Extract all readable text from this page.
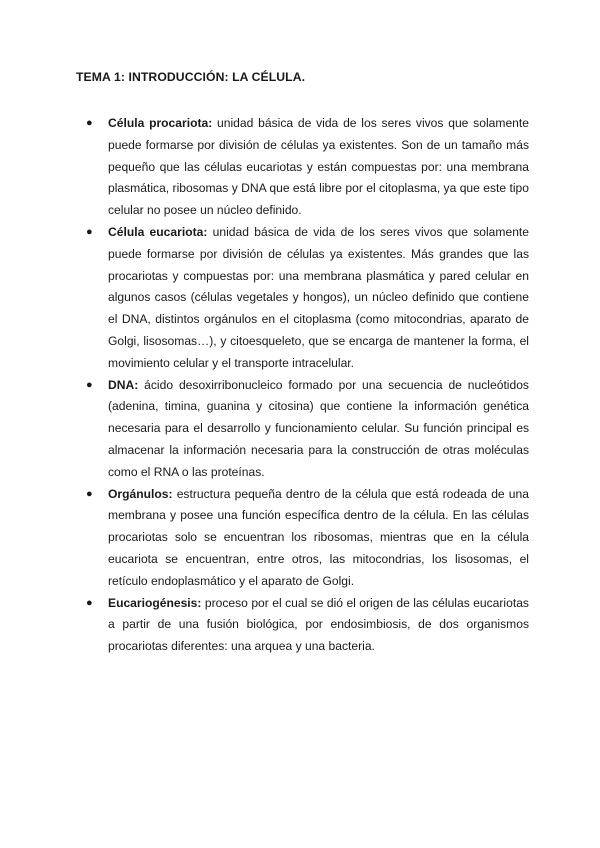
TEMA 1: INTRODUCCIÓN: LA CÉLULA.
● Célula procariota: unidad básica de vida de los seres vivos que solamente puede formarse por división de células ya existentes. Son de un tamaño más pequeño que las células eucariotas y están compuestas por: una membrana plasmática, ribosomas y DNA que está libre por el citoplasma, ya que este tipo celular no posee un núcleo definido.
● Célula eucariota: unidad básica de vida de los seres vivos que solamente puede formarse por división de células ya existentes. Más grandes que las procariotas y compuestas por: una membrana plasmática y pared celular en algunos casos (células vegetales y hongos), un núcleo definido que contiene el DNA, distintos orgánulos en el citoplasma (como mitocondrias, aparato de Golgi, lisosomas…), y citoesqueleto, que se encarga de mantener la forma, el movimiento celular y el transporte intracelular.
● DNA: ácido desoxirribonucleico formado por una secuencia de nucleótidos (adenina, timina, guanina y citosina) que contiene la información genética necesaria para el desarrollo y funcionamiento celular. Su función principal es almacenar la información necesaria para la construcción de otras moléculas como el RNA o las proteínas.
● Orgánulos: estructura pequeña dentro de la célula que está rodeada de una membrana y posee una función específica dentro de la célula. En las células procariotas solo se encuentran los ribosomas, mientras que en la célula eucariota se encuentran, entre otros, las mitocondrias, los lisosomas, el retículo endoplasmático y el aparato de Golgi.
● Eucariogénesis: proceso por el cual se dió el origen de las células eucariotas a partir de una fusión biológica, por endosimbiosis, de dos organismos procariotas diferentes: una arquea y una bacteria.
